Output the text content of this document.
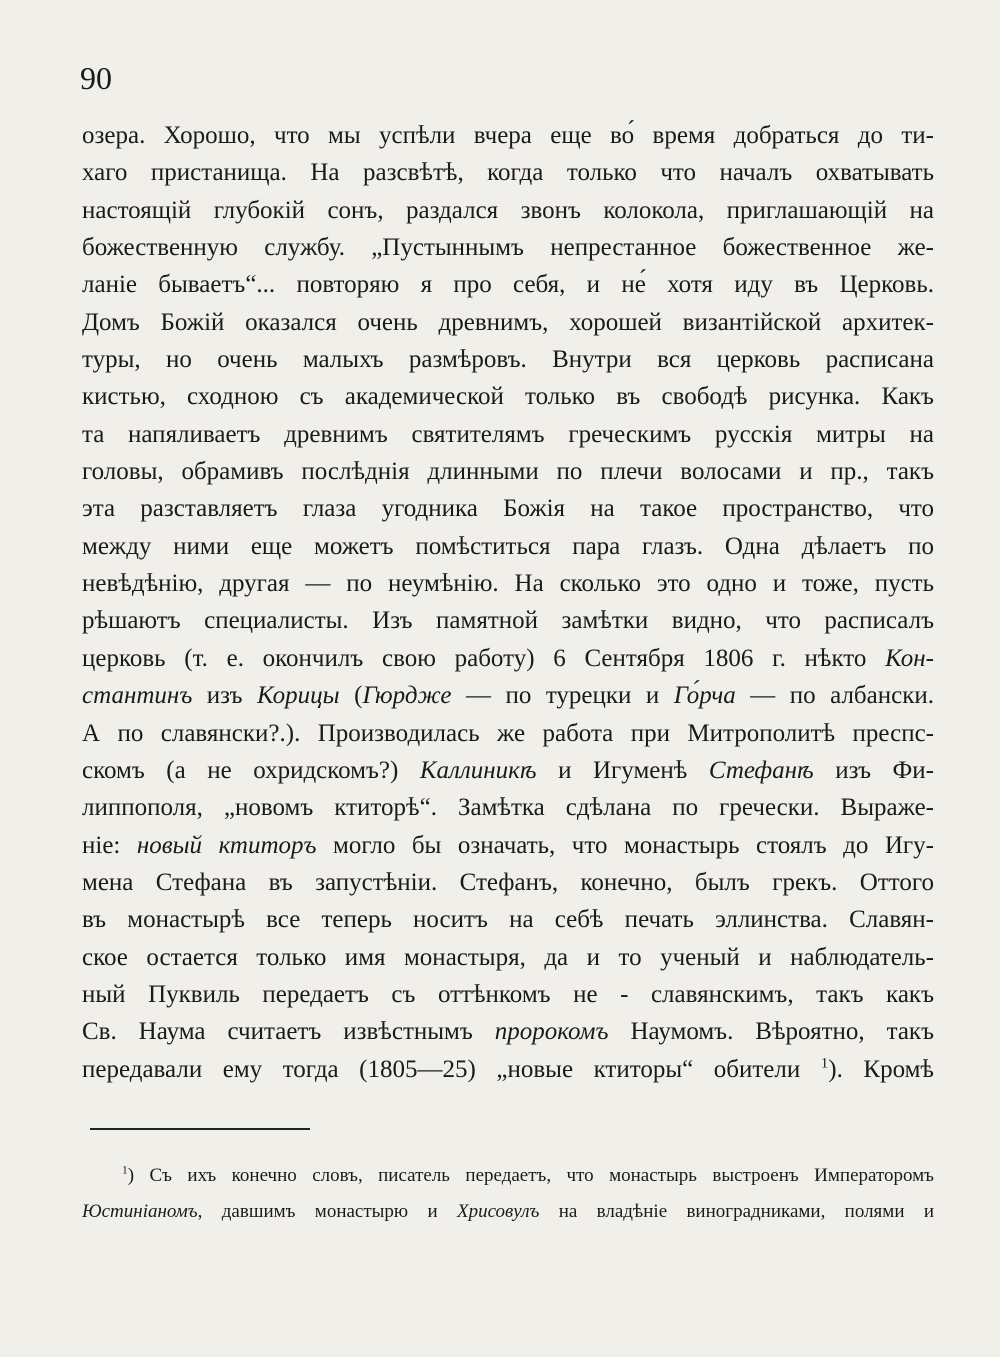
90
озера. Хорошо, что мы успѣли вчера еще во́ время добраться до ти-
хаго пристанища. На разсвѣтѣ, когда только что началъ охватывать
настоящій глубокій сонъ, раздался звонъ колокола, приглашающій на
божественную службу. „Пустыннымъ непрестанное божественное же-
ланіе бываетъ“... повторяю я про себя, и не́ хотя иду въ Церковь.
Домъ Божій оказался очень древнимъ, хорошей византійской архитек-
туры, но очень малыхъ размѣровъ. Внутри вся церковь расписана
кистью, сходною съ академической только въ свободѣ рисунка. Какъ
та напяливаетъ древнимъ святителямъ греческимъ русскія митры на
головы, обрамивъ послѣднія длинными по плечи волосами и пр., такъ
эта разставляетъ глаза угодника Божія на такое пространство, что
между ними еще можетъ помѣститься пара глазъ. Одна дѣлаетъ по
невѣдѣнію, другая — по неумѣнію. На сколько это одно и тоже, пусть
рѣшаютъ специалисты. Изъ памятной замѣтки видно, что расписалъ
церковь (т. е. окончилъ свою работу) 6 Сентября 1806 г. нѣкто Кон-
стантинъ изъ Корицы (Гюрдже — по турецки и Го́рча — по албански.
А по славянски?.). Производилась же работа при Митрополитѣ преспс-
скомъ (а не охридскомъ?) Каллиникѣ и Игуменѣ Стефанѣ изъ Фи-
липпополя, „новомъ ктиторѣ“. Замѣтка сдѣлана по гречески. Выраже-
ніе: новый ктиторъ могло бы означать, что монастырь стоялъ до Игу-
мена Стефана въ запустѣніи. Стефанъ, конечно, былъ грекъ. Оттого
въ монастырѣ все теперь носитъ на себѣ печать эллинства. Славян-
ское остается только имя монастыря, да и то ученый и наблюдатель-
ный Пуквиль передаетъ съ оттѣнкомъ не - славянскимъ, такъ какъ
Св. Наума считаетъ извѣстнымъ пророкомъ Наумомъ. Вѣроятно, такъ
передавали ему тогда (1805—25) „новые ктиторы“ обители $^1$). Кромѣ
$^1$) Съ ихъ конечно словъ, писатель передаетъ, что монастырь выстроенъ Императоромъ
Юстиніаномъ, давшимъ монастырю и Хрисовулъ на владѣніе виноградниками, полями и
